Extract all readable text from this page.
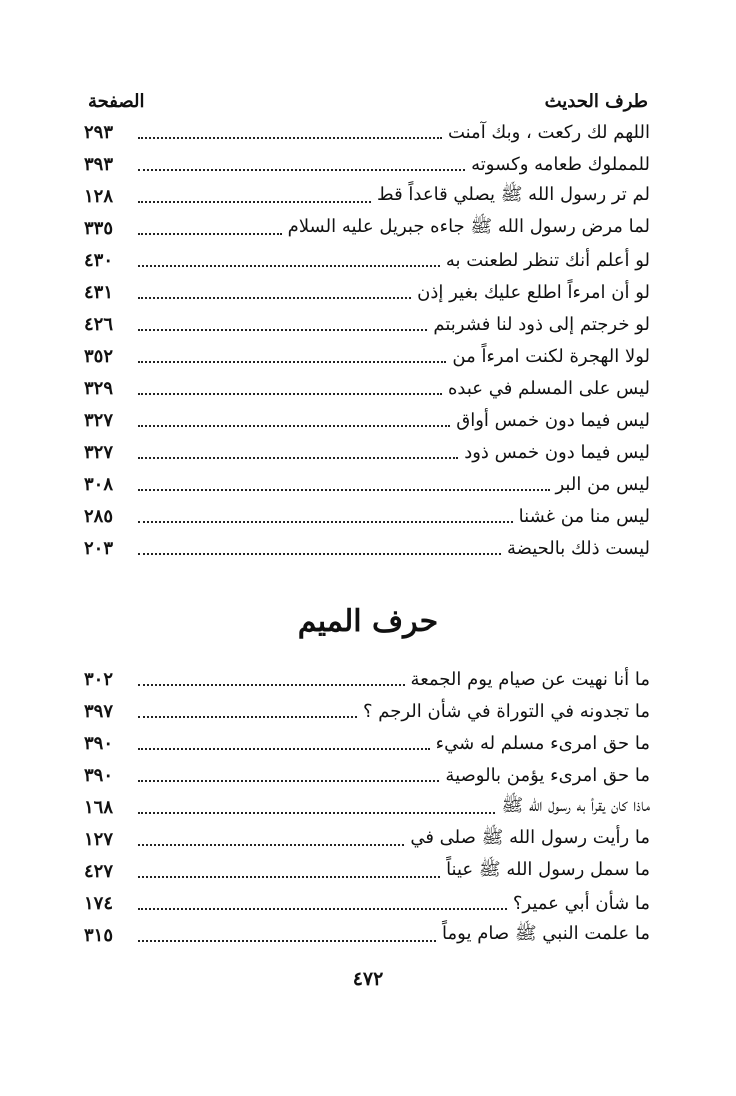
طرف الحديث
الصفحة
اللهم لك ركعت ، وبك آمنت
٢٩٣
للمملوك طعامه وكسوته
٣٩٣
لم تر رسول الله ﷺ يصلي قاعداً قط
١٢٨
لما مرض رسول الله ﷺ جاءه جبريل عليه السلام
٣٣٥
لو أعلم أنك تنظر لطعنت به
٤٣٠
لو أن امرءاً اطلع عليك بغير إذن
٤٣١
لو خرجتم إلى ذود لنا فشربتم
٤٢٦
لولا الهجرة لكنت امرءاً من
٣٥٢
ليس على المسلم في عبده
٣٢٩
ليس فيما دون خمس أواق
٣٢٧
ليس فيما دون خمس ذود
٣٢٧
ليس من البر
٣٠٨
ليس منا من غشنا
٢٨٥
ليست ذلك بالحيضة
٢٠٣
حرف الميم
ما أنا نهيت عن صيام يوم الجمعة
٣٠٢
ما تجدونه في التوراة في شأن الرجم ؟
٣٩٧
ما حق امرىء مسلم له شيء
٣٩٠
ما حق امرىء يؤمن بالوصية
٣٩٠
ماذا كان يقرأ به رسول الله ﷺ
١٦٨
ما رأيت رسول الله ﷺ صلى في
١٢٧
ما سمل رسول الله ﷺ عيناً
٤٢٧
ما شأن أبي عمير؟
١٧٤
ما علمت النبي ﷺ صام يوماً
٣١٥
٤٧٢
